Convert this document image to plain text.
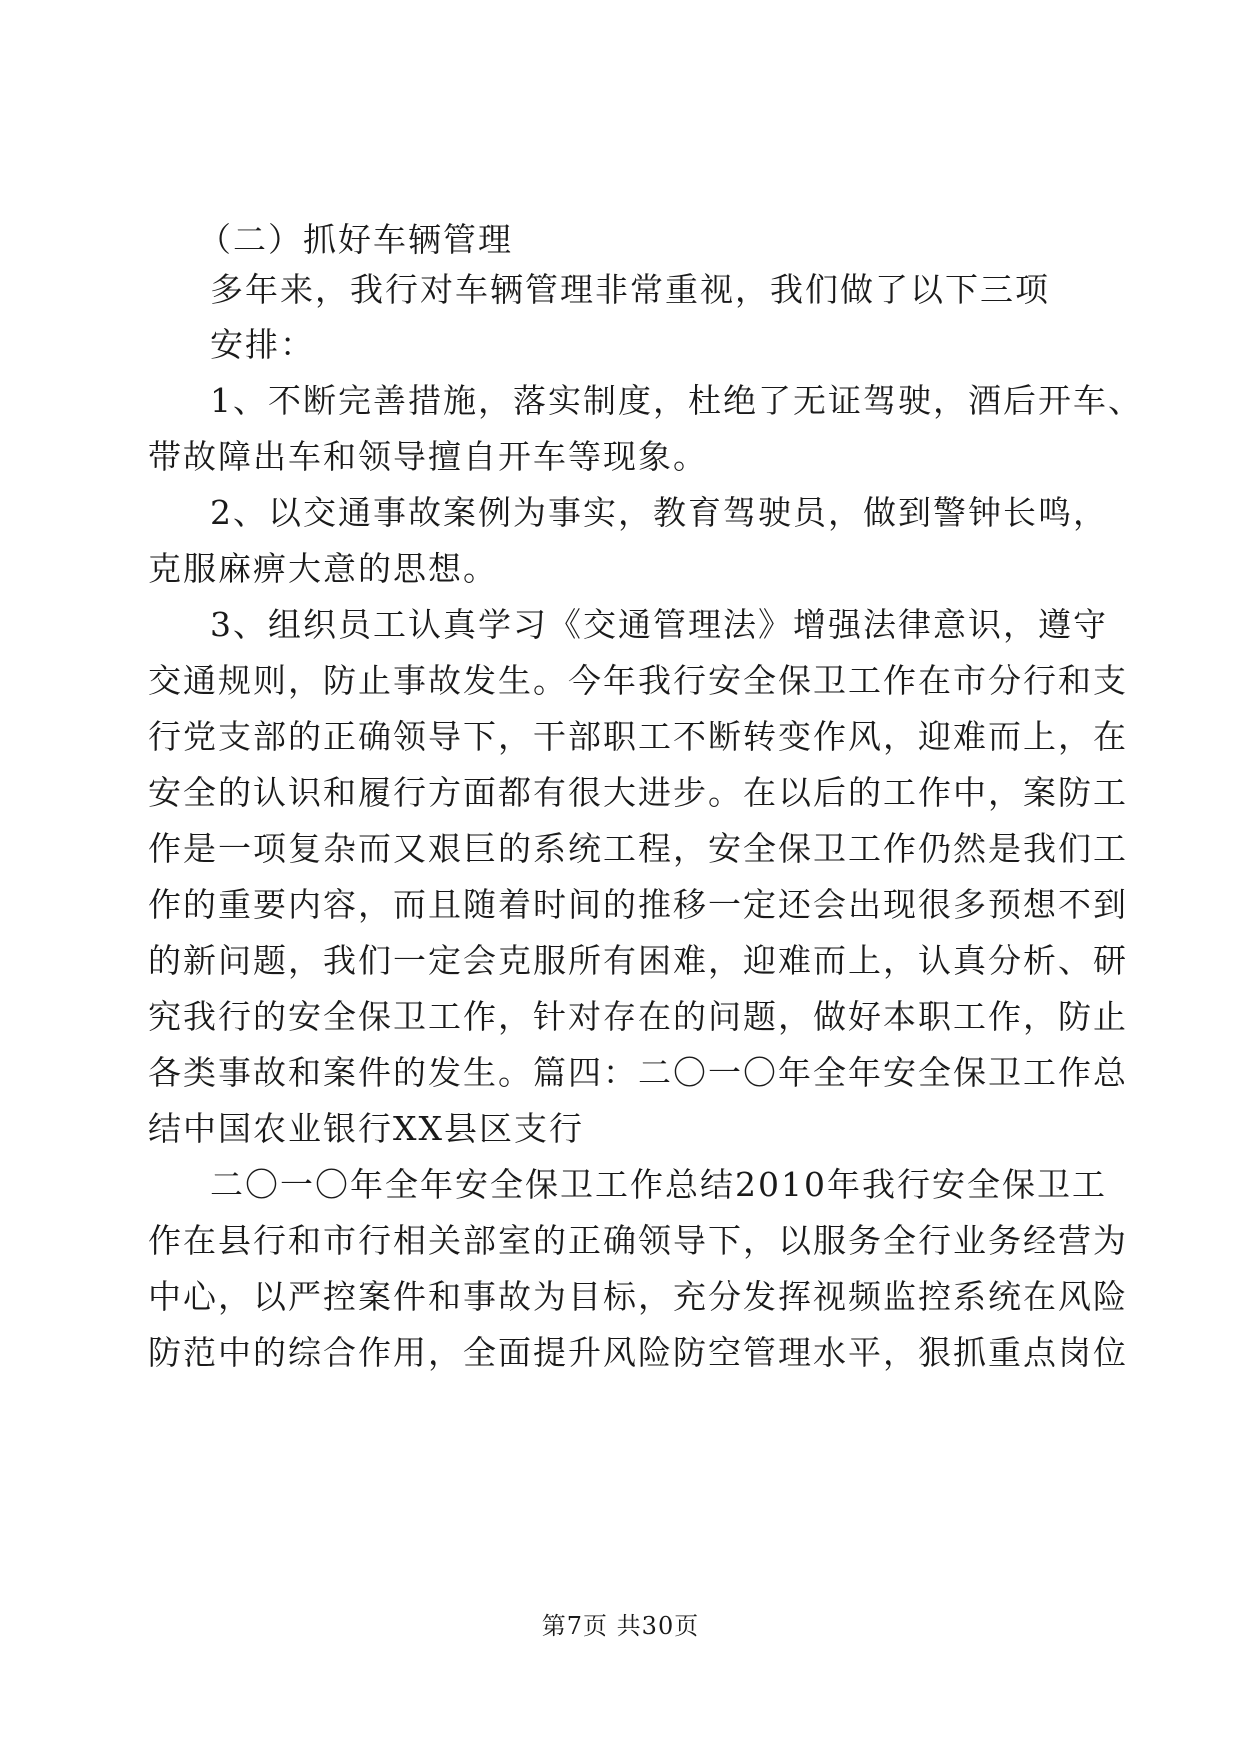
（二）抓好车辆管理
多年来，我行对车辆管理非常重视，我们做了以下三项
安排：
1、不断完善措施，落实制度，杜绝了无证驾驶，酒后开车、
带故障出车和领导擅自开车等现象。
2、以交通事故案例为事实，教育驾驶员，做到警钟长鸣，
克服麻痹大意的思想。
3、组织员工认真学习《交通管理法》增强法律意识，遵守
交通规则，防止事故发生。今年我行安全保卫工作在市分行和支
行党支部的正确领导下，干部职工不断转变作风，迎难而上，在
安全的认识和履行方面都有很大进步。在以后的工作中，案防工
作是一项复杂而又艰巨的系统工程，安全保卫工作仍然是我们工
作的重要内容，而且随着时间的推移一定还会出现很多预想不到
的新问题，我们一定会克服所有困难，迎难而上，认真分析、研
究我行的安全保卫工作，针对存在的问题，做好本职工作，防止
各类事故和案件的发生。篇四：二〇一〇年全年安全保卫工作总
结中国农业银行XX县区支行
二〇一〇年全年安全保卫工作总结2010年我行安全保卫工
作在县行和市行相关部室的正确领导下，以服务全行业务经营为
中心，以严控案件和事故为目标，充分发挥视频监控系统在风险
防范中的综合作用，全面提升风险防空管理水平，狠抓重点岗位
第7页 共30页
